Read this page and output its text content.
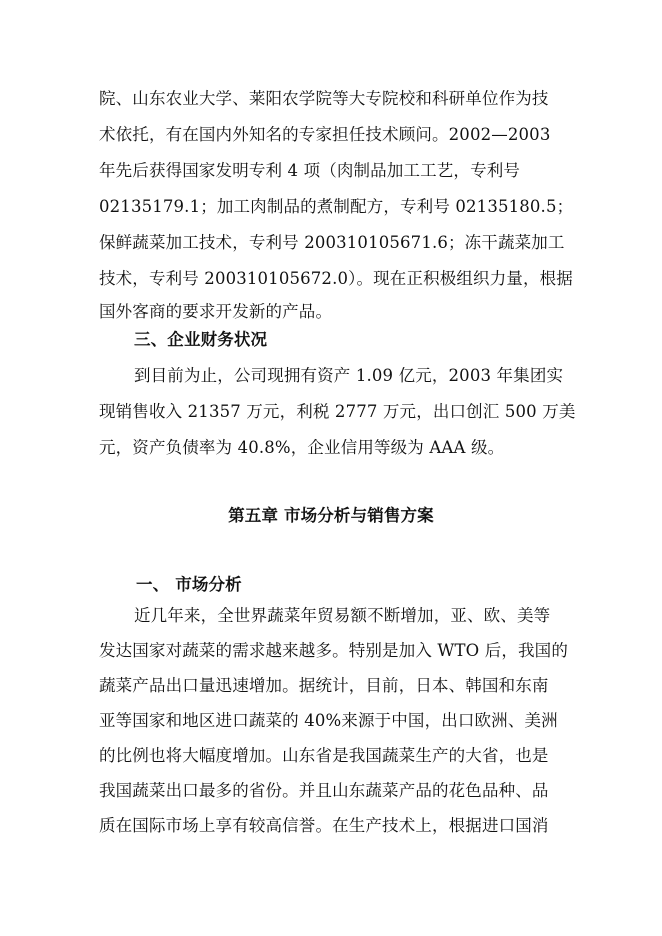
院、山东农业大学、莱阳农学院等大专院校和科研单位作为技
术依托，有在国内外知名的专家担任技术顾问。2002—2003
年先后获得国家发明专利 4 项（肉制品加工工艺，专利号
02135179.1；加工肉制品的煮制配方，专利号 02135180.5；
保鲜蔬菜加工技术，专利号 200310105671.6；冻干蔬菜加工
技术，专利号 200310105672.0）。现在正积极组织力量，根据
国外客商的要求开发新的产品。
三、企业财务状况
到目前为止，公司现拥有资产 1.09 亿元，2003 年集团实
现销售收入 21357 万元，利税 2777 万元，出口创汇 500 万美
元，资产负债率为 40.8%，企业信用等级为 AAA 级。
第五章 市场分析与销售方案
一、 市场分析
近几年来，全世界蔬菜年贸易额不断增加，亚、欧、美等
发达国家对蔬菜的需求越来越多。特别是加入 WTO 后，我国的
蔬菜产品出口量迅速增加。据统计，目前，日本、韩国和东南
亚等国家和地区进口蔬菜的 40%来源于中国，出口欧洲、美洲
的比例也将大幅度增加。山东省是我国蔬菜生产的大省，也是
我国蔬菜出口最多的省份。并且山东蔬菜产品的花色品种、品
质在国际市场上享有较高信誉。在生产技术上，根据进口国消
